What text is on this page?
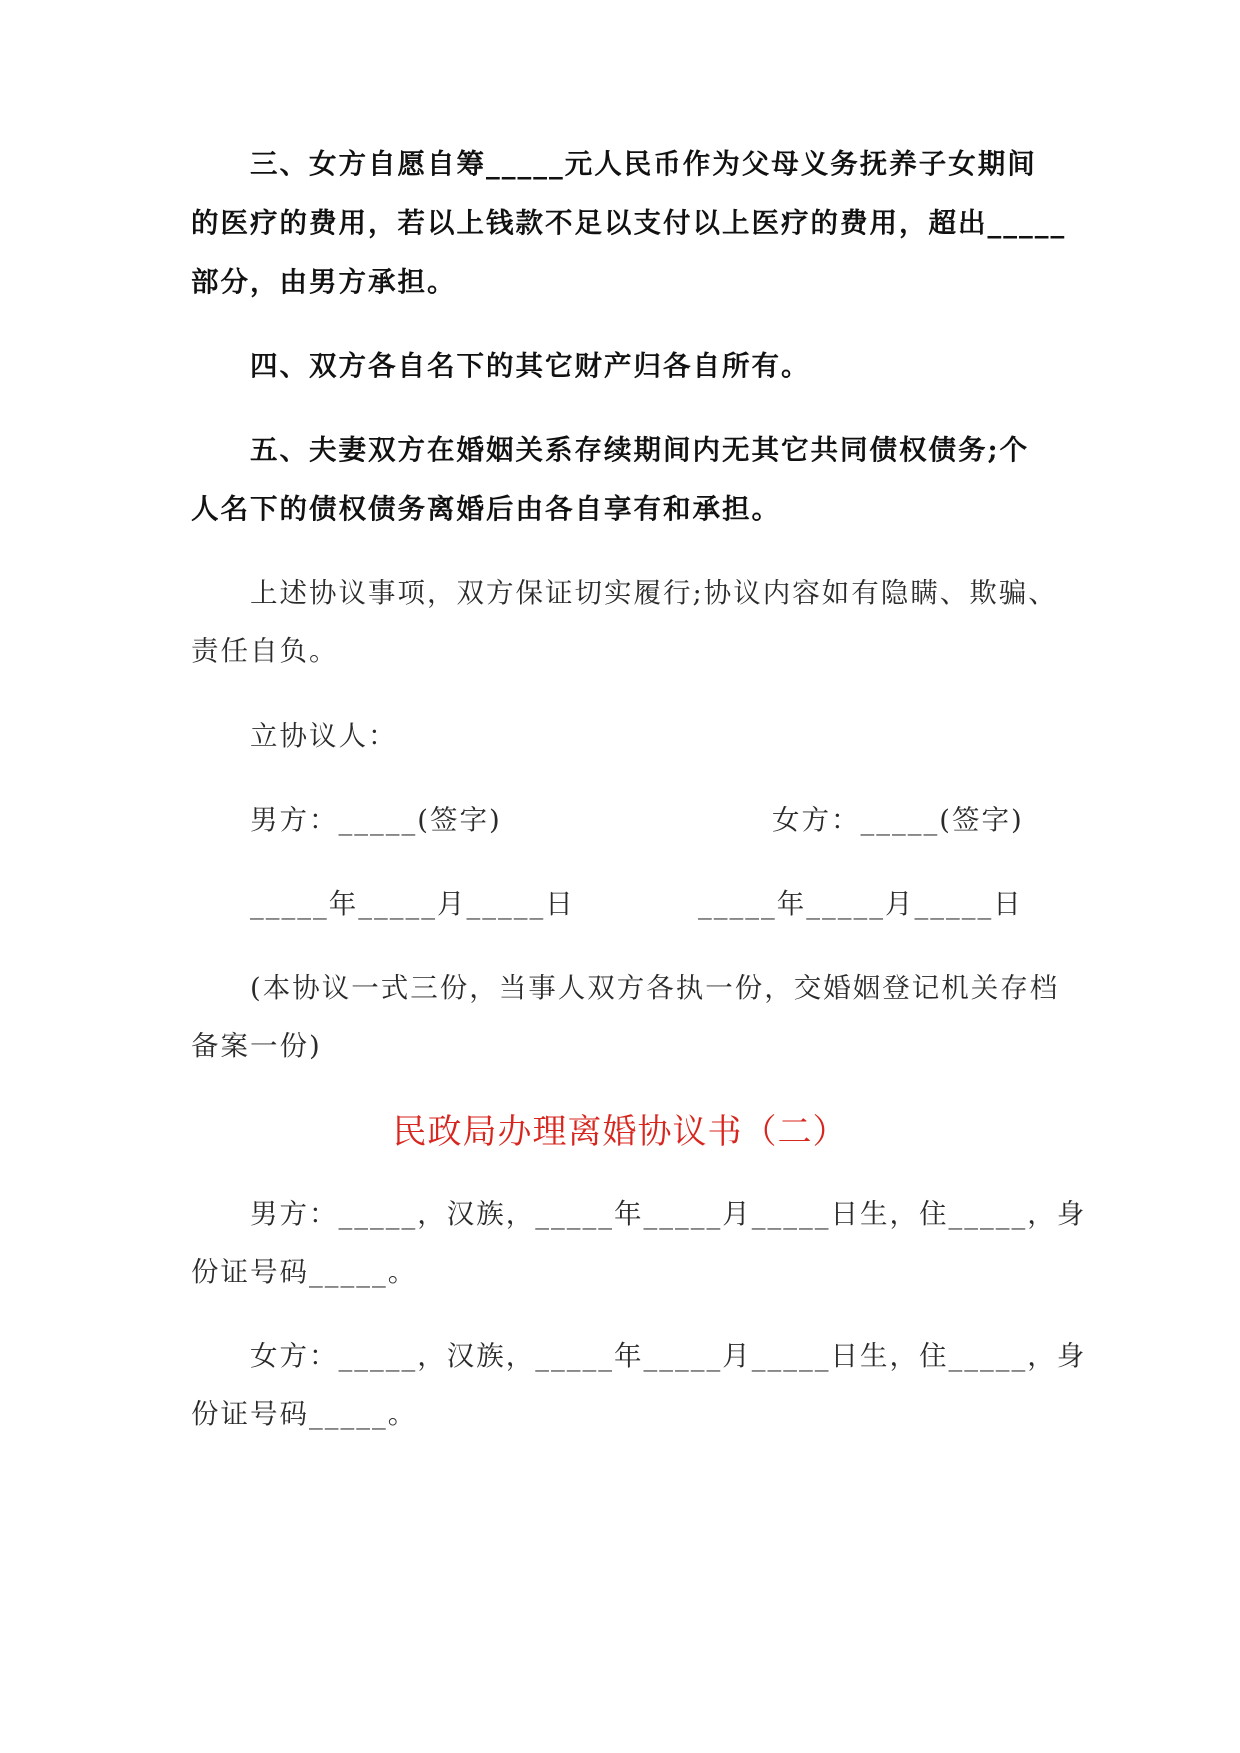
三、女方自愿自筹_____元人民币作为父母义务抚养子女期间
的医疗的费用，若以上钱款不足以支付以上医疗的费用，超出_____
部分，由男方承担。
四、双方各自名下的其它财产归各自所有。
五、夫妻双方在婚姻关系存续期间内无其它共同债权债务;个
人名下的债权债务离婚后由各自享有和承担。
上述协议事项，双方保证切实履行;协议内容如有隐瞒、欺骗、
责任自负。
立协议人：
男方：_____(签字)	女方：_____(签字)
_____年_____月_____日	_____年_____月_____日
(本协议一式三份，当事人双方各执一份，交婚姻登记机关存档
备案一份)
民政局办理离婚协议书（二）
男方：_____，汉族，_____年_____月_____日生，住_____，身
份证号码_____。
女方：_____，汉族，_____年_____月_____日生，住_____，身
份证号码_____。
